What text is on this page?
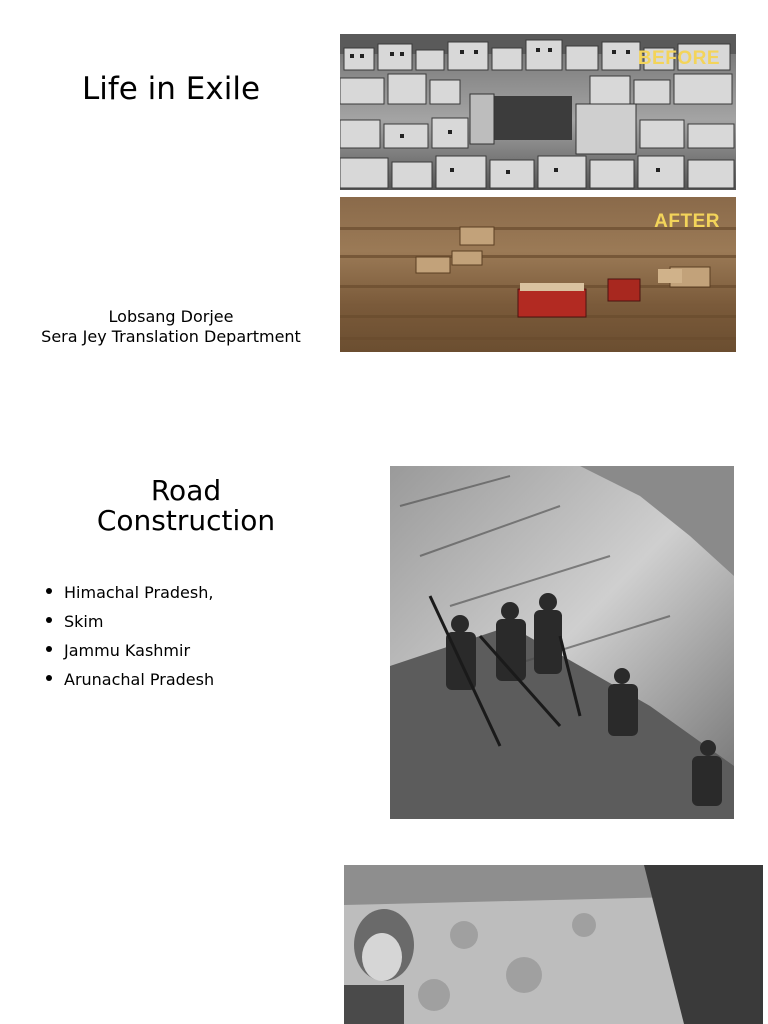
Life in Exile
Lobsang Dorjee
Sera Jey Translation Department
BEFORE
AFTER
Road
Construction
Himachal Pradesh,
Skim
Jammu Kashmir
Arunachal Pradesh
